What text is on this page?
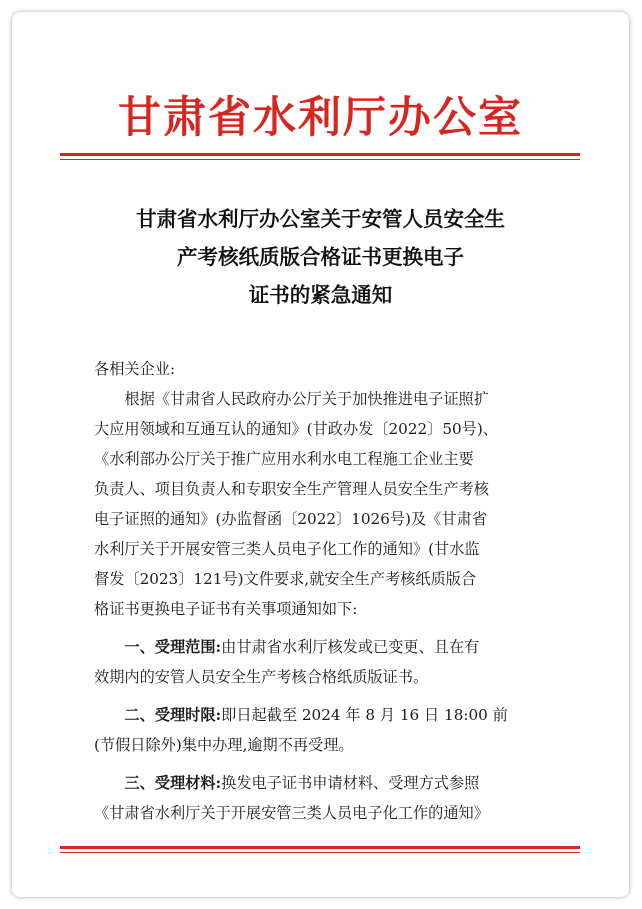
甘肃省水利厅办公室
甘肃省水利厅办公室关于安管人员安全生
产考核纸质版合格证书更换电子
证书的紧急通知

各相关企业:

根据《甘肃省人民政府办公厅关于加快推进电子证照扩

大应用领域和互通互认的通知》(甘政办发〔2022〕50号)、

《水利部办公厅关于推广应用水利水电工程施工企业主要

负责人、项目负责人和专职安全生产管理人员安全生产考核

电子证照的通知》(办监督函〔2022〕1026号)及《甘肃省

水利厅关于开展安管三类人员电子化工作的通知》(甘水监

督发〔2023〕121号)文件要求,就安全生产考核纸质版合

格证书更换电子证书有关事项通知如下:

一、受理范围:由甘肃省水利厅核发或已变更、且在有

效期内的安管人员安全生产考核合格纸质版证书。

二、受理时限:即日起截至 2024 年 8 月 16 日 18:00 前

(节假日除外)集中办理,逾期不再受理。

三、受理材料:换发电子证书申请材料、受理方式参照

《甘肃省水利厅关于开展安管三类人员电子化工作的通知》
